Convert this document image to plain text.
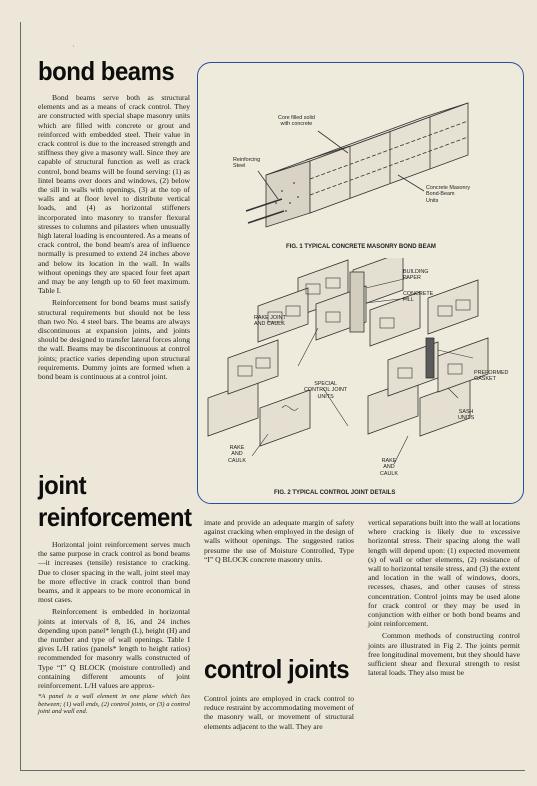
·
bond beams

Bond beams serve both as structural elements and as a means of crack control. They are constructed with special shape masonry units which are filled with concrete or grout and reinforced with embedded steel. Their value in crack control is due to the increased strength and stiffness they give a masonry wall. Since they are capable of structural function as well as crack control, bond beams will be found serving: (1) as lintel beams over doors and windows, (2) below the sill in walls with openings, (3) at the top of walls and at floor level to distribute vertical loads, and (4) as horizontal stiffeners incorporated into masonry to transfer flexural stresses to columns and pilasters when unusually high lateral loading is encountered. As a means of crack control, the bond beam's area of influence normally is presumed to extend 24 inches above and below its location in the wall. In walls without openings they are spaced four feet apart and may be any length up to 60 feet maximum. Table I.

Reinforcement for bond beams must satisfy structural requirements but should not be less than two No. 4 steel bars. The beams are always discontinuous at expansion joints, and joints should be designed to transfer lateral forces along the wall. Beams may be discontinuous at control joints; practice varies depending upon structural requirements. Dummy joints are formed when a bond beam is continuous at a control joint.

joint
reinforcement

Horizontal joint reinforcement serves much the same purpose in crack control as bond beams—it increases (tensile) resistance to cracking. Due to closer spacing in the wall, joint steel may be more effective in crack control than bond beams, and it appears to be more economical in most cases.

Reinforcement is embedded in horizontal joints at intervals of 8, 16, and 24 inches depending upon panel* length (L), height (H) and the number and type of wall openings. Table I gives L/H ratios (panels* length to height ratios) recommended for masonry walls constructed of Type “I” Q BLOCK (moisture controlled) and containing different amounts of joint reinforcement. L/H values are approx-

*A panel is a wall element in one plane which lies between; (1) wall ends, (2) control joints, or (3) a control joint and wall end.

imate and provide an adequate margin of safety against cracking when employed in the design of walls without openings. The suggested ratios presume the use of Moisture Controlled, Type “I” Q BLOCK concrete masonry units.

control joints

Control joints are employed in crack control to reduce restraint by accommodating movement of the masonry wall, or movement of structural elements adjacent to the wall. They are

vertical separations built into the wall at locations where cracking is likely due to excessive horizontal stress. Their spacing along the wall length will depend upon: (1) expected movement (s) of wall or other elements, (2) resistance of wall to horizontal tensile stress, and (3) the extent and location in the wall of windows, doors, recesses, chases, and other causes of stress concentration. Control joints may be used alone for crack control or they may be used in conjunction with either or both bond beams and joint reinforcement.

Common methods of constructing control joints are illustrated in Fig 2. The joints permit free longitudinal movement, but they should have sufficient shear and flexural strength to resist lateral loads. They also must be

Core filled solid
with concrete
Reinforcing
Steel
Concrete Masonry
Bond-Beam
Units
FIG. 1 TYPICAL CONCRETE MASONRY BOND BEAM
BUILDING
PAPER
CONCRETE
FILL
RAKE JOINT
AND CAULK
SPECIAL
CONTROL JOINT
UNITS
PREFORMED
GASKET
SASH
UNITS
RAKE
AND
CAULK	RAKE
AND
CAULK
FIG. 2 TYPICAL CONTROL JOINT DETAILS
